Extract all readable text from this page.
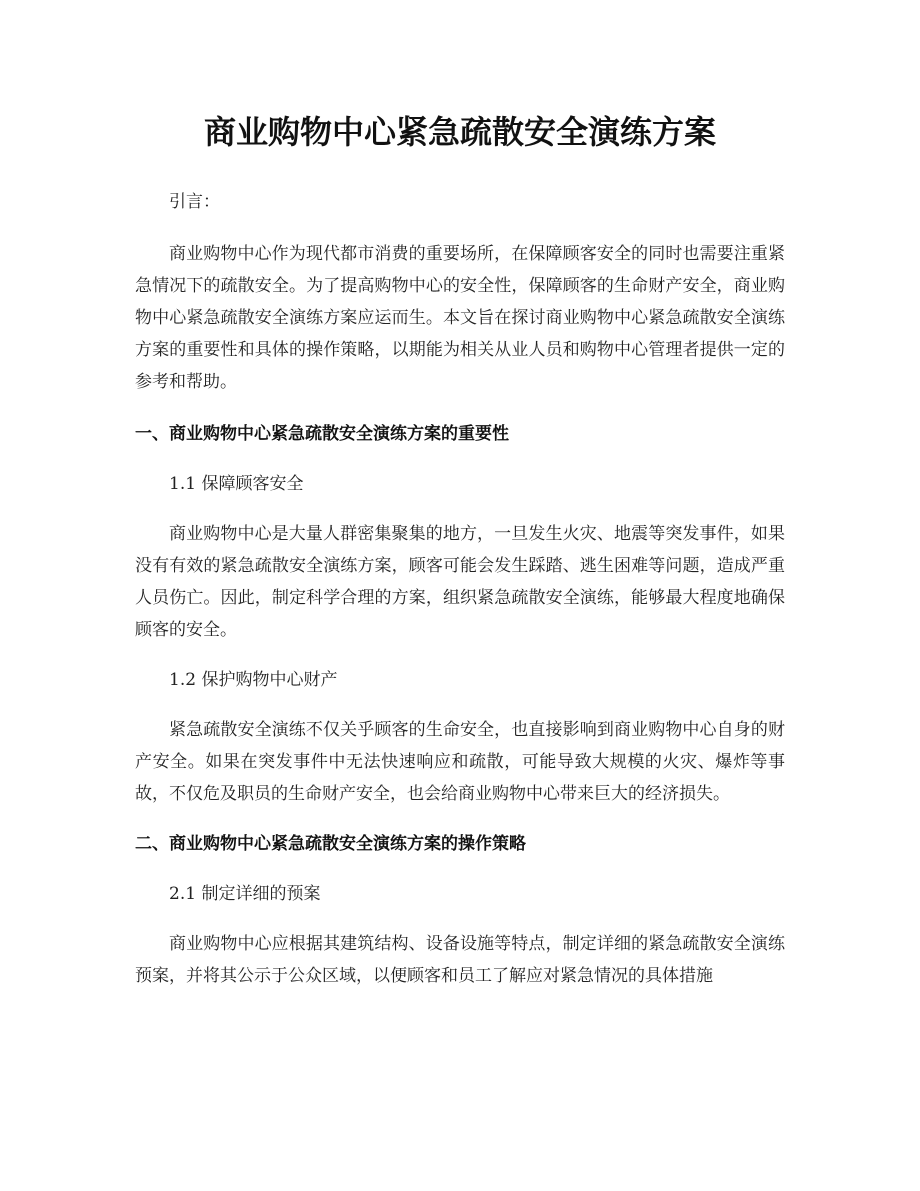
商业购物中心紧急疏散安全演练方案

引言：

商业购物中心作为现代都市消费的重要场所，在保障顾客安全的同时也需要注重紧急情况下的疏散安全。为了提高购物中心的安全性，保障顾客的生命财产安全，商业购物中心紧急疏散安全演练方案应运而生。本文旨在探讨商业购物中心紧急疏散安全演练方案的重要性和具体的操作策略，以期能为相关从业人员和购物中心管理者提供一定的参考和帮助。

一、商业购物中心紧急疏散安全演练方案的重要性

1.1 保障顾客安全

商业购物中心是大量人群密集聚集的地方，一旦发生火灾、地震等突发事件，如果没有有效的紧急疏散安全演练方案，顾客可能会发生踩踏、逃生困难等问题，造成严重人员伤亡。因此，制定科学合理的方案，组织紧急疏散安全演练，能够最大程度地确保顾客的安全。

1.2 保护购物中心财产

紧急疏散安全演练不仅关乎顾客的生命安全，也直接影响到商业购物中心自身的财产安全。如果在突发事件中无法快速响应和疏散，可能导致大规模的火灾、爆炸等事故，不仅危及职员的生命财产安全，也会给商业购物中心带来巨大的经济损失。

二、商业购物中心紧急疏散安全演练方案的操作策略

2.1 制定详细的预案

商业购物中心应根据其建筑结构、设备设施等特点，制定详细的紧急疏散安全演练预案，并将其公示于公众区域，以便顾客和员工了解应对紧急情况的具体措施
